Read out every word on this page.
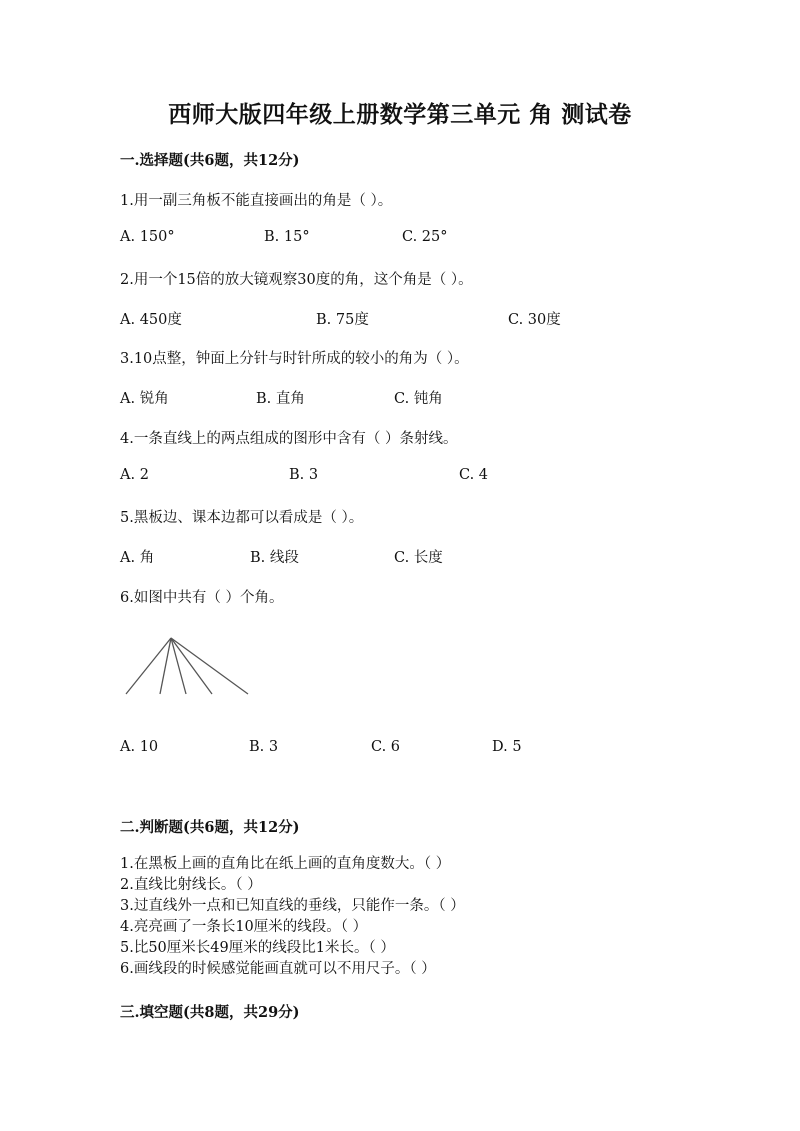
西师大版四年级上册数学第三单元 角 测试卷
一.选择题(共6题，共12分)
1.用一副三角板不能直接画出的角是（ ）。
A. 150°	B. 15°	C. 25°
2.用一个15倍的放大镜观察30度的角，这个角是（ ）。
A. 450度	B. 75度	C. 30度
3.10点整，钟面上分针与时针所成的较小的角为（ ）。
A. 锐角	B. 直角	C. 钝角
4.一条直线上的两点组成的图形中含有（ ）条射线。
A. 2	B. 3	C. 4
5.黑板边、课本边都可以看成是（ ）。
A. 角	B. 线段	C. 长度
6.如图中共有（ ）个角。
A. 10	B. 3	C. 6	D. 5
二.判断题(共6题，共12分)
1.在黑板上画的直角比在纸上画的直角度数大。（ ）
2.直线比射线长。（ ）
3.过直线外一点和已知直线的垂线，只能作一条。（ ）
4.亮亮画了一条长10厘米的线段。（ ）
5.比50厘米长49厘米的线段比1米长。（ ）
6.画线段的时候感觉能画直就可以不用尺子。（ ）
三.填空题(共8题，共29分)
